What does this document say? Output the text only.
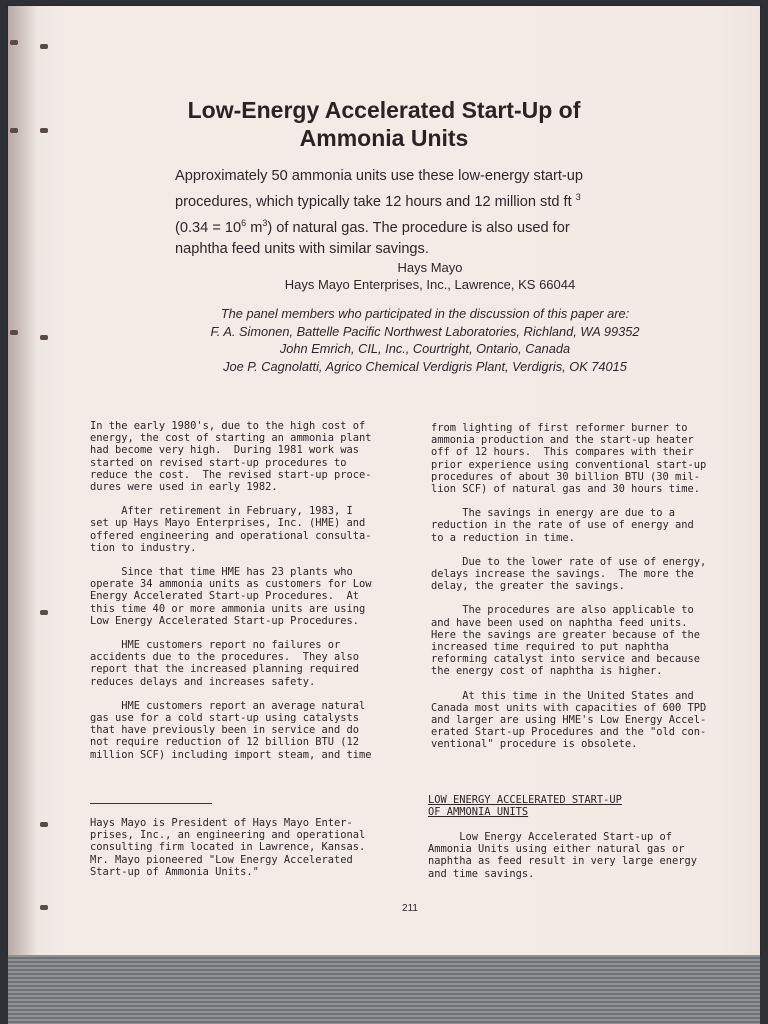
Low-Energy Accelerated Start-Up of
Ammonia Units

Approximately 50 ammonia units use these low-energy start-up

procedures, which typically take 12 hours and 12 million std ft $^3$

($0.34 = 10^6$ $m^3$) of natural gas. The procedure is also used for

naphtha feed units with similar savings.

Hays Mayo

Hays Mayo Enterprises, Inc., Lawrence, KS 66044

The panel members who participated in the discussion of this paper are:

F. A. Simonen, Battelle Pacific Northwest Laboratories, Richland, WA 99352

John Emrich, CIL, Inc., Courtright, Ontario, Canada

Joe P. Cagnolatti, Agrico Chemical Verdigris Plant, Verdigris, OK 74015

In the early 1980's, due to the high cost of
energy, the cost of starting an ammonia plant
had become very high.  During 1981 work was
started on revised start-up procedures to
reduce the cost.  The revised start-up proce-
dures were used in early 1982.

After retirement in February, 1983, I
set up Hays Mayo Enterprises, Inc. (HME) and
offered engineering and operational consulta-
tion to industry.

Since that time HME has 23 plants who
operate 34 ammonia units as customers for Low
Energy Accelerated Start-up Procedures.  At
this time 40 or more ammonia units are using
Low Energy Accelerated Start-up Procedures.

HME customers report no failures or
accidents due to the procedures.  They also
report that the increased planning required
reduces delays and increases safety.

HME customers report an average natural
gas use for a cold start-up using catalysts
that have previously been in service and do
not require reduction of 12 billion BTU (12
million SCF) including import steam, and time

Hays Mayo is President of Hays Mayo Enter-
prises, Inc., an engineering and operational
consulting firm located in Lawrence, Kansas.
Mr. Mayo pioneered "Low Energy Accelerated
Start-up of Ammonia Units."

from lighting of first reformer burner to
ammonia production and the start-up heater
off of 12 hours.  This compares with their
prior experience using conventional start-up
procedures of about 30 billion BTU (30 mil-
lion SCF) of natural gas and 30 hours time.

The savings in energy are due to a
reduction in the rate of use of energy and
to a reduction in time.

Due to the lower rate of use of energy,
delays increase the savings.  The more the
delay, the greater the savings.

The procedures are also applicable to
and have been used on naphtha feed units.
Here the savings are greater because of the
increased time required to put naphtha
reforming catalyst into service and because
the energy cost of naphtha is higher.

At this time in the United States and
Canada most units with capacities of 600 TPD
and larger are using HME's Low Energy Accel-
erated Start-up Procedures and the "old con-
ventional" procedure is obsolete.

LOW ENERGY ACCELERATED START-UP
OF AMMONIA UNITS

Low Energy Accelerated Start-up of
Ammonia Units using either natural gas or
naphtha as feed result in very large energy
and time savings.

211
